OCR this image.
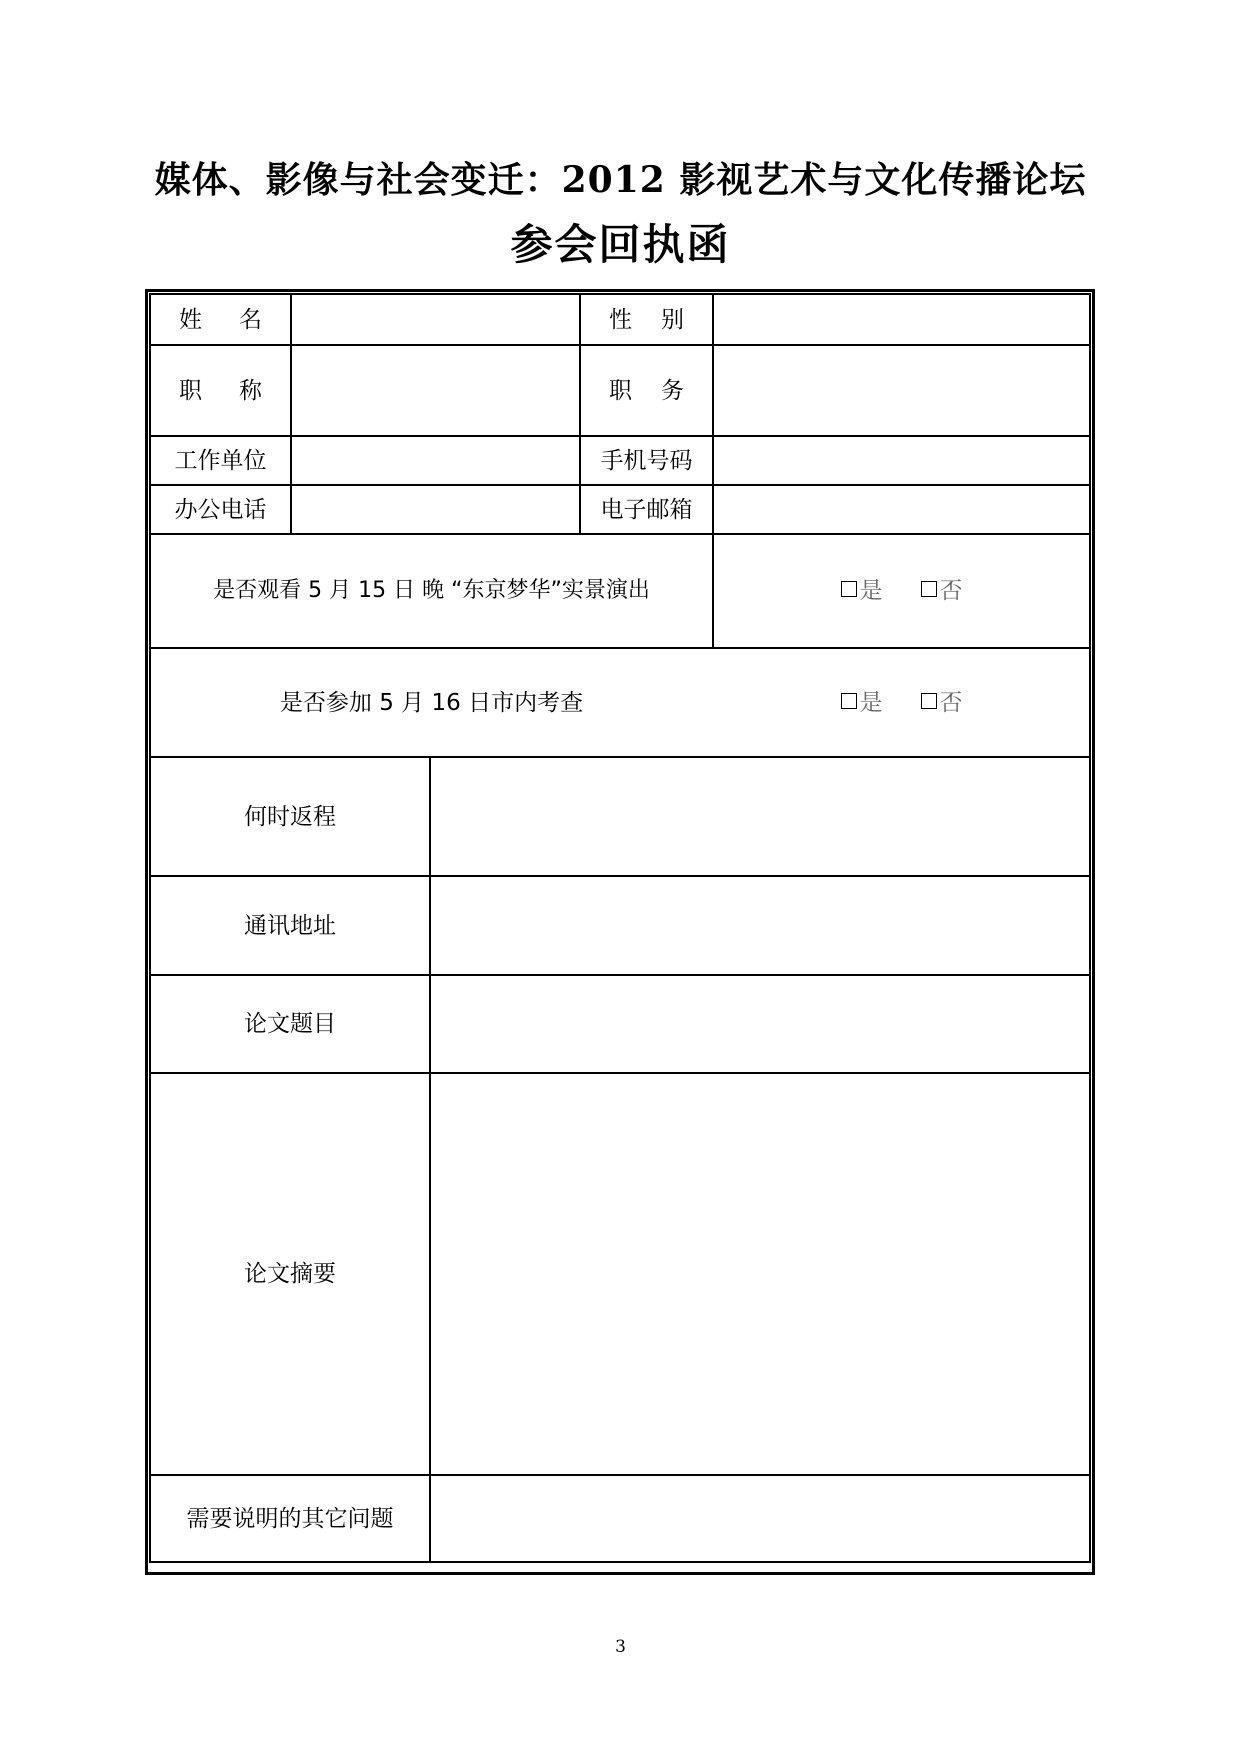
媒体、影像与社会变迁：2012 影视艺术与文化传播论坛
参会回执函
姓 名	性 别
职 称	职 务
工作单位	手机号码
办公电话	电子邮箱
是否观看 5 月 15 日 晚 “东京梦华”实景演出	是 否
是否参加 5 月 16 日市内考查	是 否
何时返程
通讯地址
论文题目
论文摘要
需要说明的其它问题
3
